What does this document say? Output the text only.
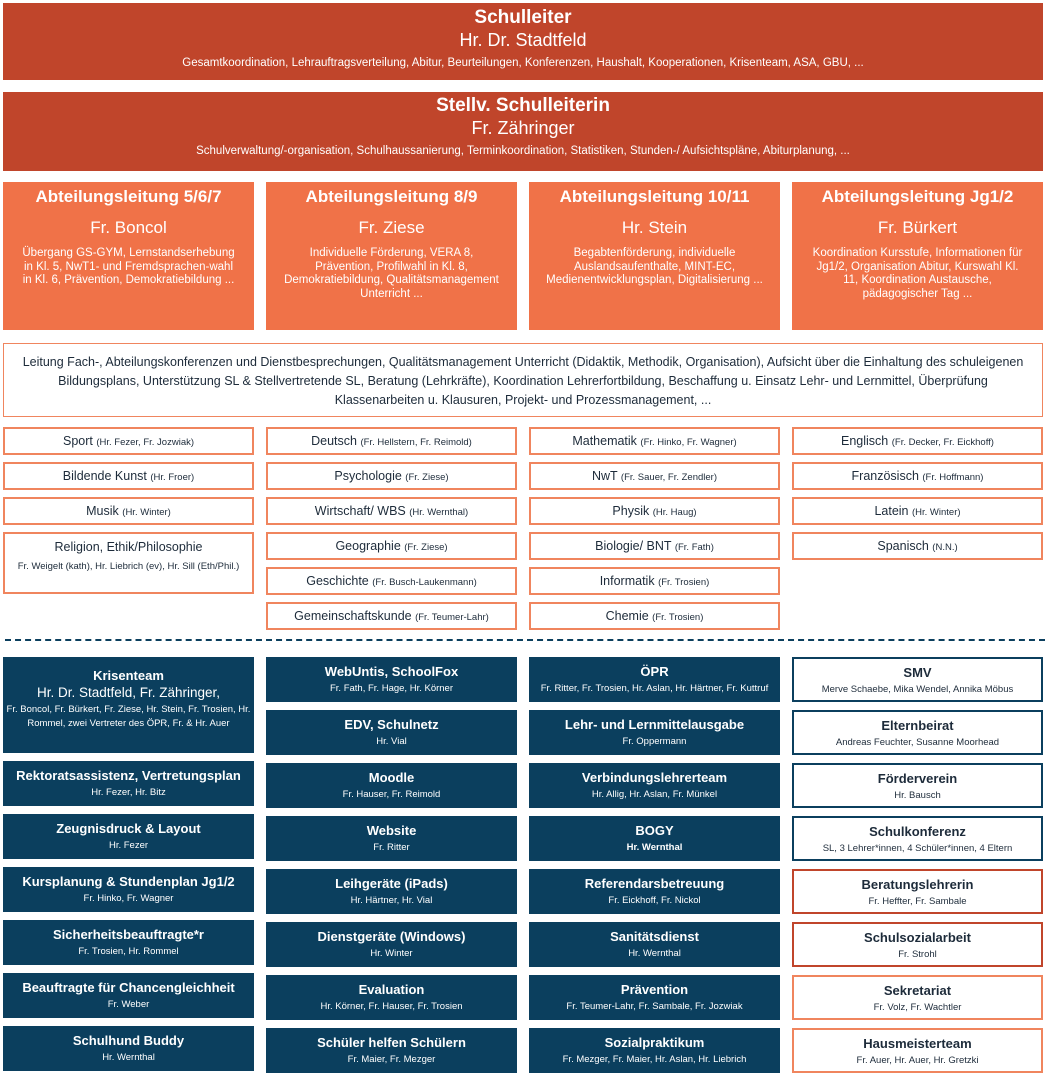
Schulleiter
Hr. Dr. Stadtfeld
Gesamtkoordination, Lehrauftragsverteilung, Abitur, Beurteilungen, Konferenzen, Haushalt, Kooperationen, Krisenteam, ASA, GBU, ...
Stellv. Schulleiterin
Fr. Zähringer
Schulverwaltung/-organisation, Schulhaussanierung, Terminkoordination, Statistiken, Stunden-/ Aufsichtspläne, Abiturplanung, ...
Abteilungsleitung 5/6/7
Fr. Boncol
Übergang GS-GYM, Lernstandserhebung in Kl. 5, NwT1- und Fremdsprachen-wahl in Kl. 6, Prävention, Demokratiebildung ...
Abteilungsleitung 8/9
Fr. Ziese
Individuelle Förderung, VERA 8, Prävention, Profilwahl in Kl. 8, Demokratiebildung, Qualitätsmanagement Unterricht ...
Abteilungsleitung 10/11
Hr. Stein
Begabtenförderung, individuelle Auslandsaufenthalte, MINT-EC, Medienentwicklungsplan, Digitalisierung ...
Abteilungsleitung Jg1/2
Fr. Bürkert
Koordination Kursstufe, Informationen für Jg1/2, Organisation Abitur, Kurswahl Kl. 11, Koordination Austausche, pädagogischer Tag ...
Leitung Fach-, Abteilungskonferenzen und Dienstbesprechungen, Qualitätsmanagement Unterricht (Didaktik, Methodik, Organisation), Aufsicht über die Einhaltung des schuleigenen Bildungsplans, Unterstützung SL & Stellvertretende SL, Beratung (Lehrkräfte), Koordination Lehrerfortbildung, Beschaffung u. Einsatz Lehr- und Lernmittel, Überprüfung Klassenarbeiten u. Klausuren, Projekt- und Prozessmanagement, ...
Sport (Hr. Fezer, Fr. Jozwiak)
Bildende Kunst (Hr. Froer)
Musik (Hr. Winter)
Religion, Ethik/Philosophie
Fr. Weigelt (kath), Hr. Liebrich (ev), Hr. Sill (Eth/Phil.)
Deutsch (Fr. Hellstern, Fr. Reimold)
Psychologie (Fr. Ziese)
Wirtschaft/ WBS (Hr. Wernthal)
Geographie (Fr. Ziese)
Geschichte (Fr. Busch-Laukenmann)
Gemeinschaftskunde (Fr. Teumer-Lahr)
Mathematik (Fr. Hinko, Fr. Wagner)
NwT (Fr. Sauer, Fr. Zendler)
Physik (Hr. Haug)
Biologie/ BNT (Fr. Fath)
Informatik (Fr. Trosien)
Chemie (Fr. Trosien)
Englisch (Fr. Decker, Fr. Eickhoff)
Französisch (Fr. Hoffmann)
Latein (Hr. Winter)
Spanisch (N.N.)
Krisenteam
Hr. Dr. Stadtfeld, Fr. Zähringer,
Fr. Boncol, Fr. Bürkert, Fr. Ziese, Hr. Stein, Fr. Trosien, Hr. Rommel, zwei Vertreter des ÖPR, Fr. & Hr. Auer
Rektoratsassistenz, Vertretungsplan
Hr. Fezer, Hr. Bitz
Zeugnisdruck & Layout
Hr. Fezer
Kursplanung & Stundenplan Jg1/2
Fr. Hinko, Fr. Wagner
Sicherheitsbeauftragte*r
Fr. Trosien, Hr. Rommel
Beauftragte für Chancengleichheit
Fr. Weber
Schulhund Buddy
Hr. Wernthal
WebUntis, SchoolFox
Fr. Fath, Fr. Hage, Hr. Körner
EDV, Schulnetz
Hr. Vial
Moodle
Fr. Hauser, Fr. Reimold
Website
Fr. Ritter
Leihgeräte (iPads)
Hr. Härtner, Hr. Vial
Dienstgeräte (Windows)
Hr. Winter
Evaluation
Hr. Körner, Fr. Hauser, Fr. Trosien
Schüler helfen Schülern
Fr. Maier, Fr. Mezger
ÖPR
Fr. Ritter, Fr. Trosien, Hr. Aslan, Hr. Härtner, Fr. Kuttruf
Lehr- und Lernmittelausgabe
Fr. Oppermann
Verbindungslehrerteam
Hr. Allig, Hr. Aslan, Fr. Münkel
BOGY
Hr. Wernthal
Referendarsbetreuung
Fr. Eickhoff, Fr. Nickol
Sanitätsdienst
Hr. Wernthal
Prävention
Fr. Teumer-Lahr, Fr. Sambale, Fr. Jozwiak
Sozialpraktikum
Fr. Mezger, Fr. Maier, Hr. Aslan, Hr. Liebrich
SMV
Merve Schaebe, Mika Wendel, Annika Möbus
Elternbeirat
Andreas Feuchter, Susanne Moorhead
Förderverein
Hr. Bausch
Schulkonferenz
SL, 3 Lehrer*innen, 4 Schüler*innen, 4 Eltern
Beratungslehrerin
Fr. Heffter, Fr. Sambale
Schulsozialarbeit
Fr. Strohl
Sekretariat
Fr. Volz, Fr. Wachtler
Hausmeisterteam
Fr. Auer, Hr. Auer, Hr. Gretzki
